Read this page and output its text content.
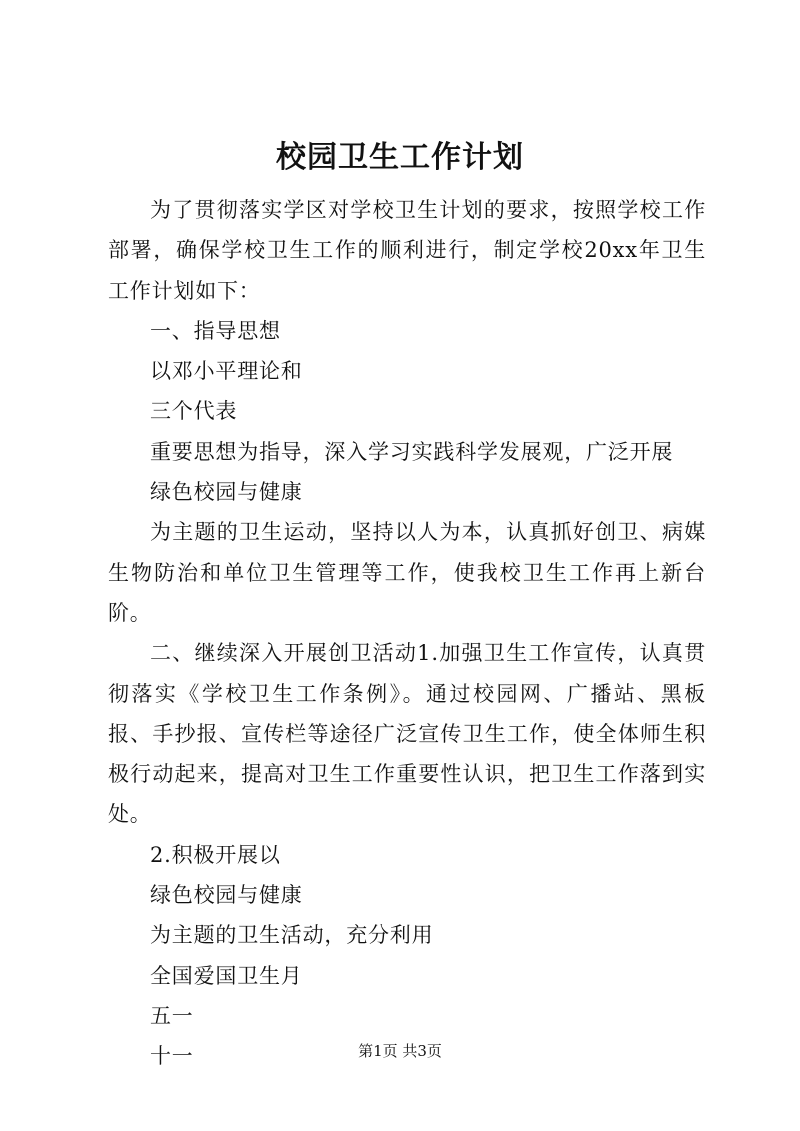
校园卫生工作计划

为了贯彻落实学区对学校卫生计划的要求，按照学校工作部署，确保学校卫生工作的顺利进行，制定学校20xx年卫生工作计划如下：

一、指导思想

以邓小平理论和

三个代表

重要思想为指导，深入学习实践科学发展观，广泛开展

绿色校园与健康

为主题的卫生运动，坚持以人为本，认真抓好创卫、病媒生物防治和单位卫生管理等工作，使我校卫生工作再上新台阶。

二、继续深入开展创卫活动1.加强卫生工作宣传，认真贯彻落实《学校卫生工作条例》。通过校园网、广播站、黑板报、手抄报、宣传栏等途径广泛宣传卫生工作，使全体师生积极行动起来，提高对卫生工作重要性认识，把卫生工作落到实处。

2.积极开展以

绿色校园与健康

为主题的卫生活动，充分利用

全国爱国卫生月

五一

十一	第1页 共3页
